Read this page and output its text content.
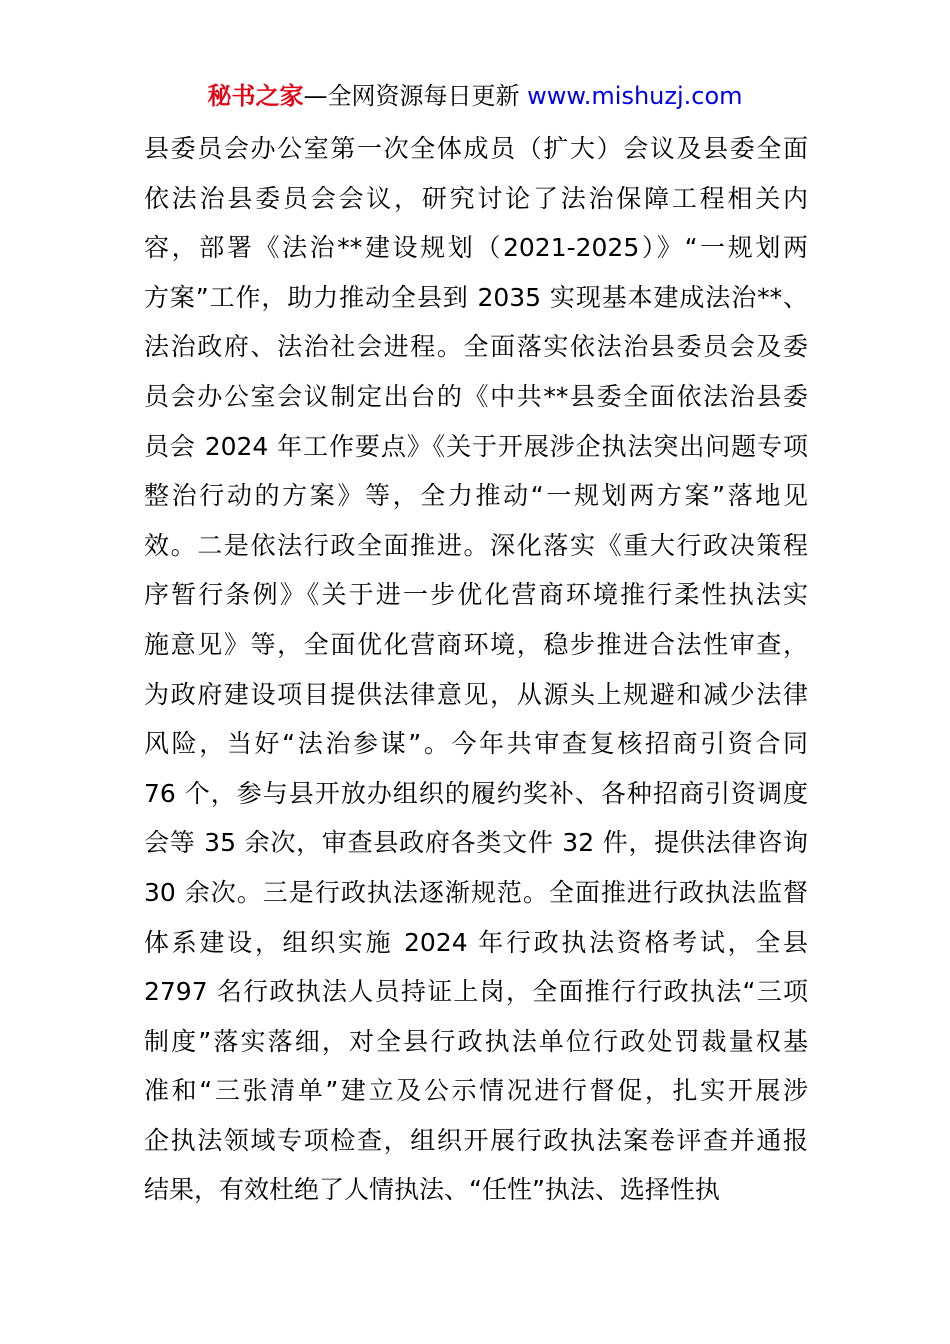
秘书之家—全网资源每日更新 www.mishuzj.com
县委员会办公室第一次全体成员（扩大）会议及县委全面
依法治县委员会会议，研究讨论了法治保障工程相关内
容，部署《法治**建设规划（2021-2025）》“一规划两
方案”工作，助力推动全县到 2035 实现基本建成法治**、
法治政府、法治社会进程。全面落实依法治县委员会及委
员会办公室会议制定出台的《中共**县委全面依法治县委
员会 2024 年工作要点》《关于开展涉企执法突出问题专项
整治行动的方案》等，全力推动“一规划两方案”落地见
效。二是依法行政全面推进。深化落实《重大行政决策程
序暂行条例》《关于进一步优化营商环境推行柔性执法实
施意见》等，全面优化营商环境，稳步推进合法性审查，
为政府建设项目提供法律意见，从源头上规避和减少法律
风险，当好“法治参谋”。今年共审查复核招商引资合同
76 个，参与县开放办组织的履约奖补、各种招商引资调度
会等 35 余次，审查县政府各类文件 32 件，提供法律咨询
30 余次。三是行政执法逐渐规范。全面推进行政执法监督
体系建设，组织实施 2024 年行政执法资格考试，全县
2797 名行政执法人员持证上岗，全面推行行政执法“三项
制度”落实落细，对全县行政执法单位行政处罚裁量权基
准和“三张清单”建立及公示情况进行督促，扎实开展涉
企执法领域专项检查，组织开展行政执法案卷评查并通报
结果，有效杜绝了人情执法、“任性”执法、选择性执
